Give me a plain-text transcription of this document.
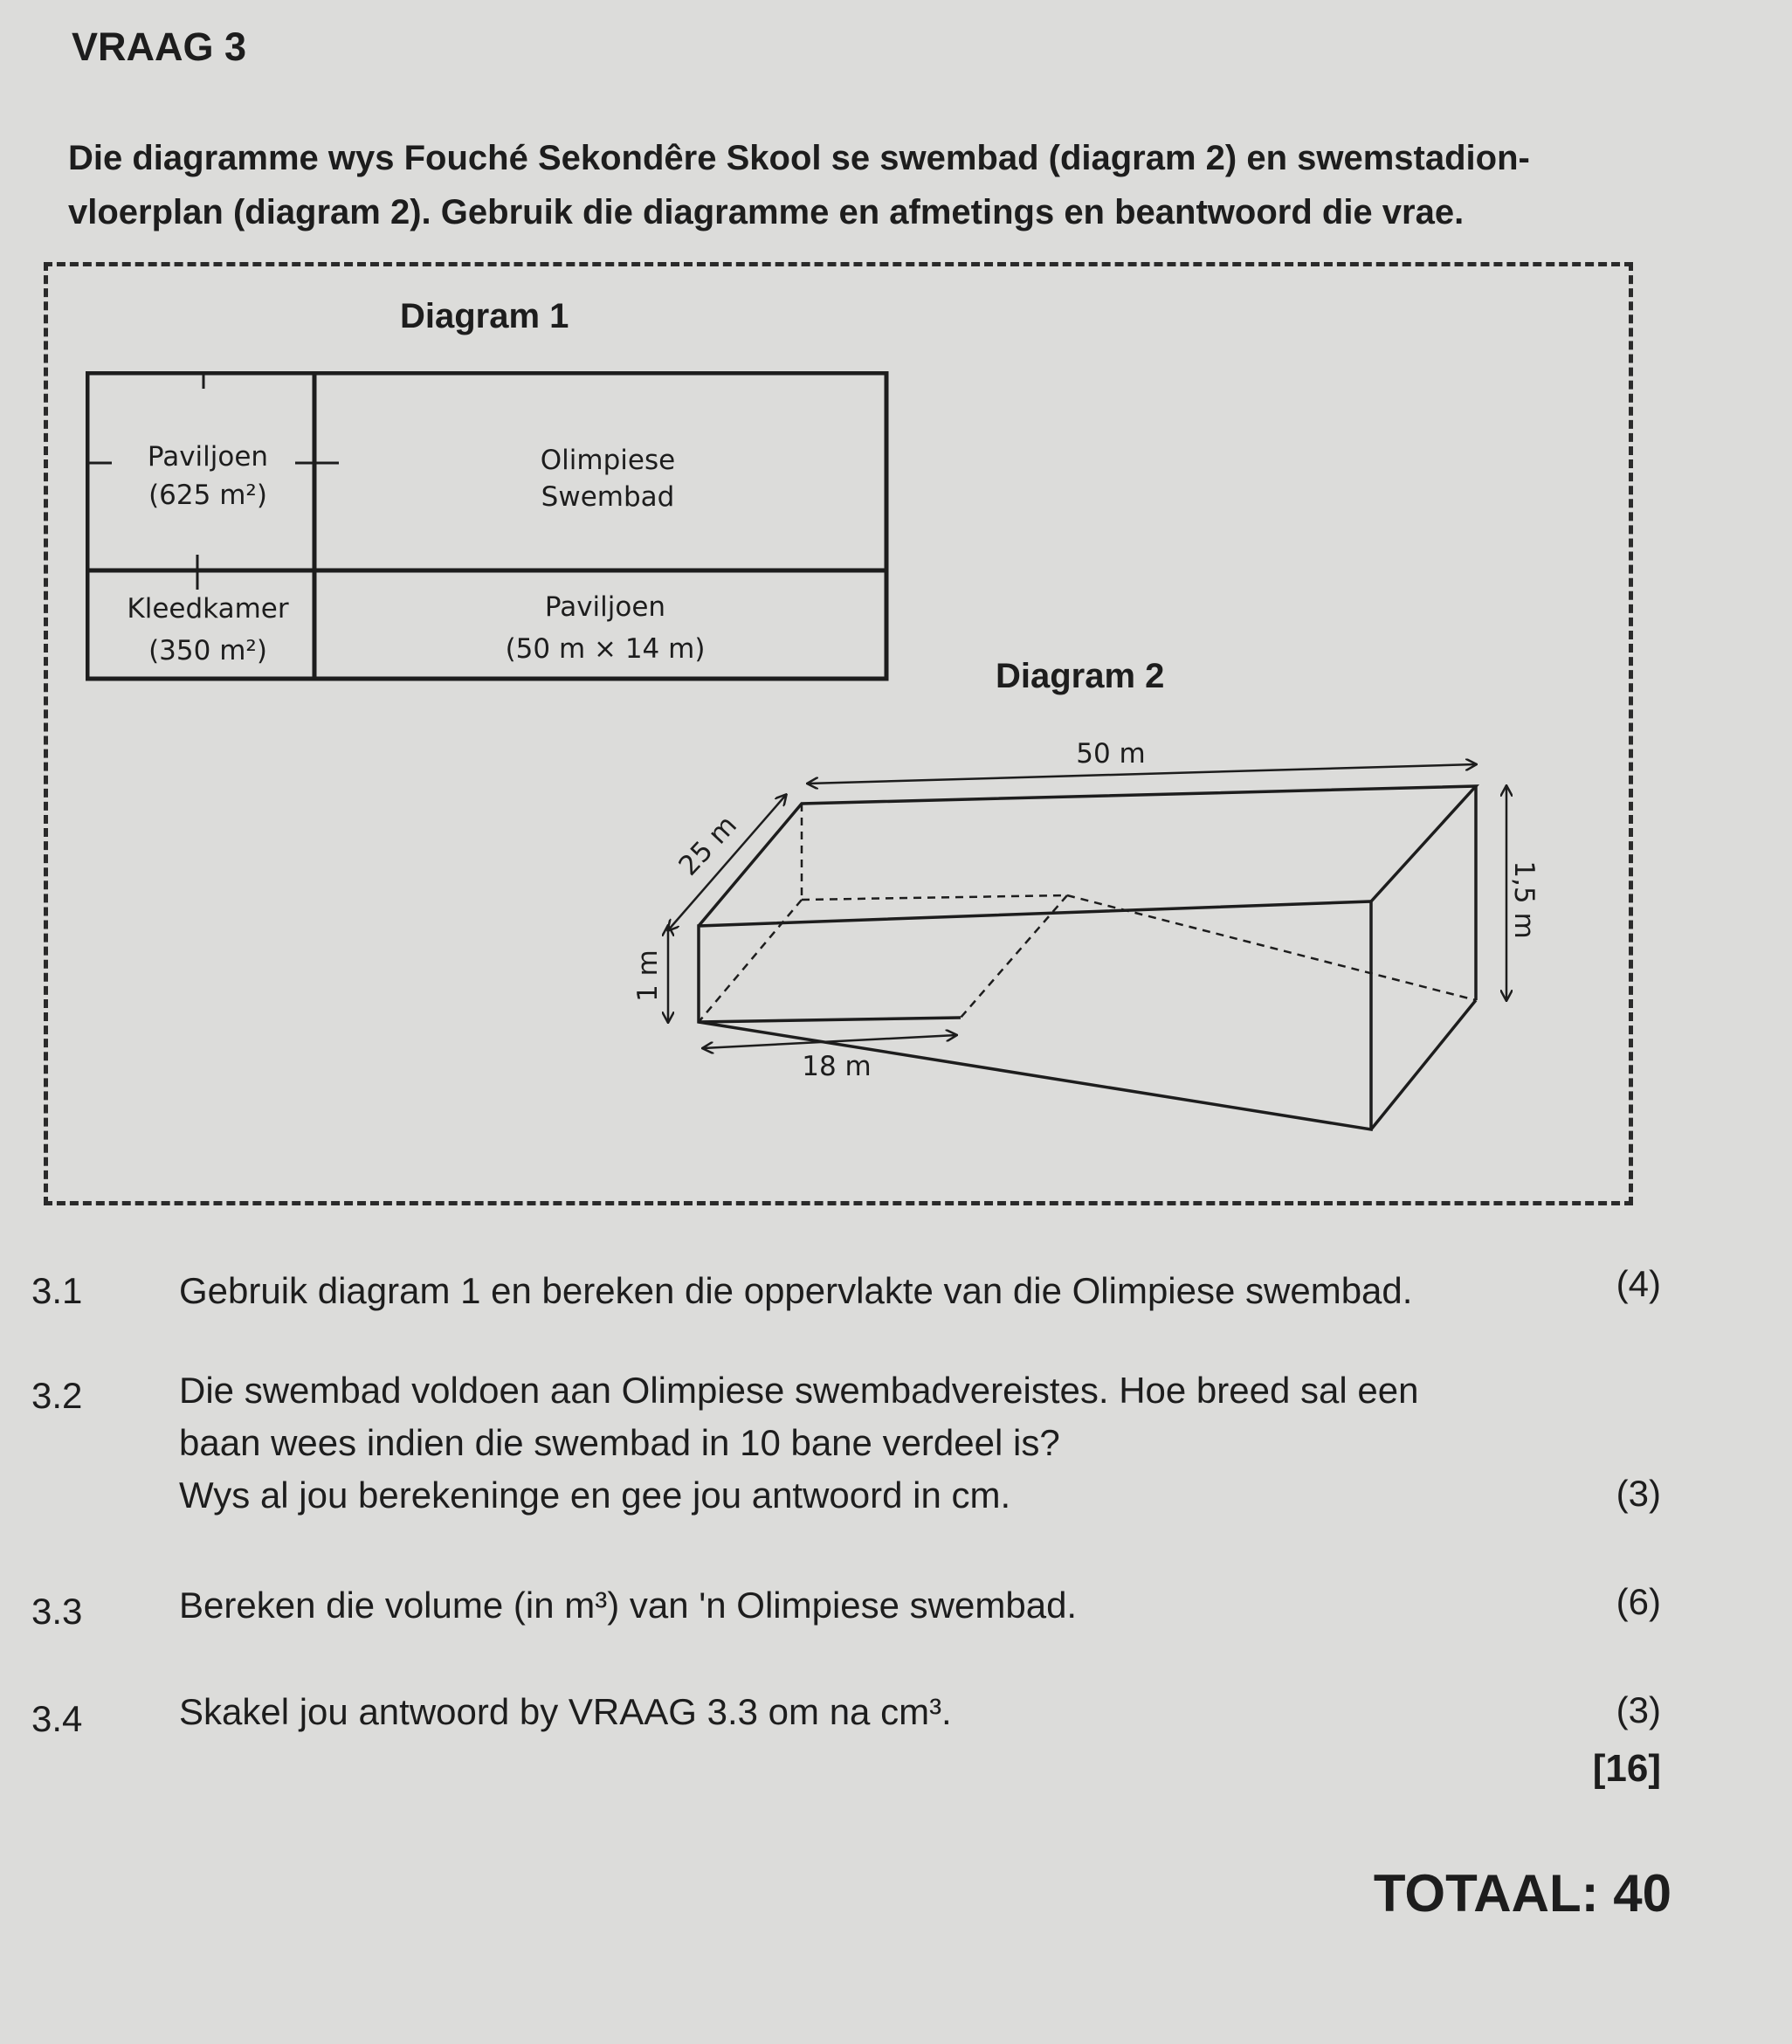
VRAAG 3

Die diagramme wys Fouché Sekondêre Skool se swembad (diagram 2) en swemstadion-vloerplan (diagram 2). Gebruik die diagramme en afmetings en beantwoord die vrae.

Diagram 1
Paviljoen
(625 m²)
Olimpiese
Swembad
Kleedkamer
(350 m²)
Paviljoen
(50 m × 14 m)
Diagram 2
50 m
25 m
1,5 m
1 m
18 m
3.1	Gebruik diagram 1 en bereken die oppervlakte van die Olimpiese swembad.	(4)
3.2	Die swembad voldoen aan Olimpiese swembadvereistes. Hoe breed sal een
baan wees indien die swembad in 10 bane verdeel is?
Wys al jou berekeninge en gee jou antwoord in cm.	(3)
3.3	Bereken die volume (in m³) van 'n Olimpiese swembad.	(6)
3.4	Skakel jou antwoord by VRAAG 3.3 om na cm³.	(3)
[16]
TOTAAL: 40
